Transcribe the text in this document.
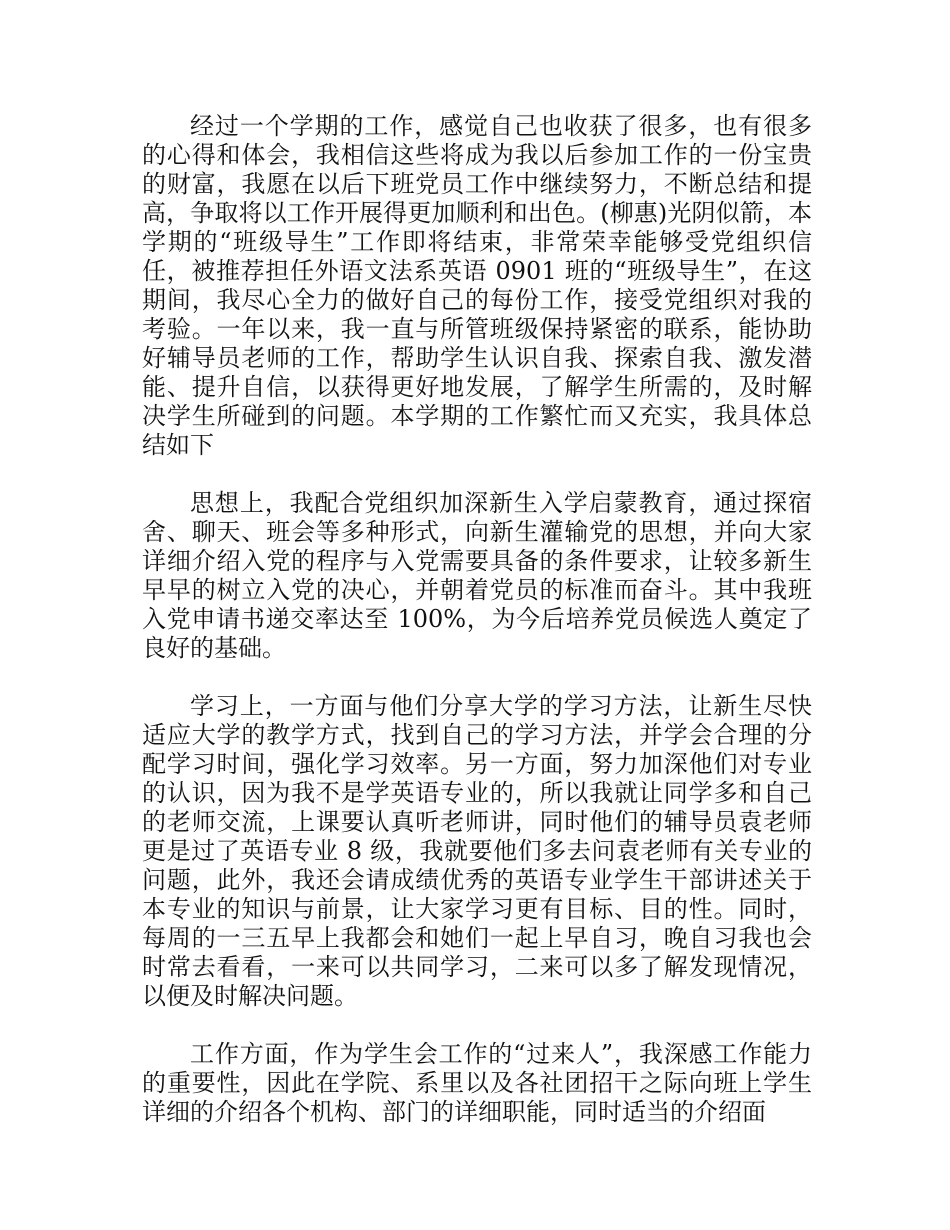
经过一个学期的工作，感觉自己也收获了很多，也有很多的心得和体会，我相信这些将成为我以后参加工作的一份宝贵的财富，我愿在以后下班党员工作中继续努力，不断总结和提高，争取将以工作开展得更加顺利和出色。(柳惠)光阴似箭，本学期的“班级导生”工作即将结束，非常荣幸能够受党组织信任，被推荐担任外语文法系英语 0901 班的“班级导生”，在这期间，我尽心全力的做好自己的每份工作，接受党组织对我的考验。一年以来，我一直与所管班级保持紧密的联系，能协助好辅导员老师的工作，帮助学生认识自我、探索自我、激发潜能、提升自信，以获得更好地发展，了解学生所需的，及时解决学生所碰到的问题。本学期的工作繁忙而又充实，我具体总结如下

思想上，我配合党组织加深新生入学启蒙教育，通过探宿舍、聊天、班会等多种形式，向新生灌输党的思想，并向大家详细介绍入党的程序与入党需要具备的条件要求，让较多新生早早的树立入党的决心，并朝着党员的标准而奋斗。其中我班入党申请书递交率达至 100%，为今后培养党员候选人奠定了良好的基础。

学习上，一方面与他们分享大学的学习方法，让新生尽快适应大学的教学方式，找到自己的学习方法，并学会合理的分配学习时间，强化学习效率。另一方面，努力加深他们对专业的认识，因为我不是学英语专业的，所以我就让同学多和自己的老师交流，上课要认真听老师讲，同时他们的辅导员袁老师更是过了英语专业 8 级，我就要他们多去问袁老师有关专业的问题，此外，我还会请成绩优秀的英语专业学生干部讲述关于本专业的知识与前景，让大家学习更有目标、目的性。同时，每周的一三五早上我都会和她们一起上早自习，晚自习我也会时常去看看，一来可以共同学习，二来可以多了解发现情况，以便及时解决问题。

工作方面，作为学生会工作的“过来人”，我深感工作能力的重要性，因此在学院、系里以及各社团招干之际向班上学生详细的介绍各个机构、部门的详细职能，同时适当的介绍面
